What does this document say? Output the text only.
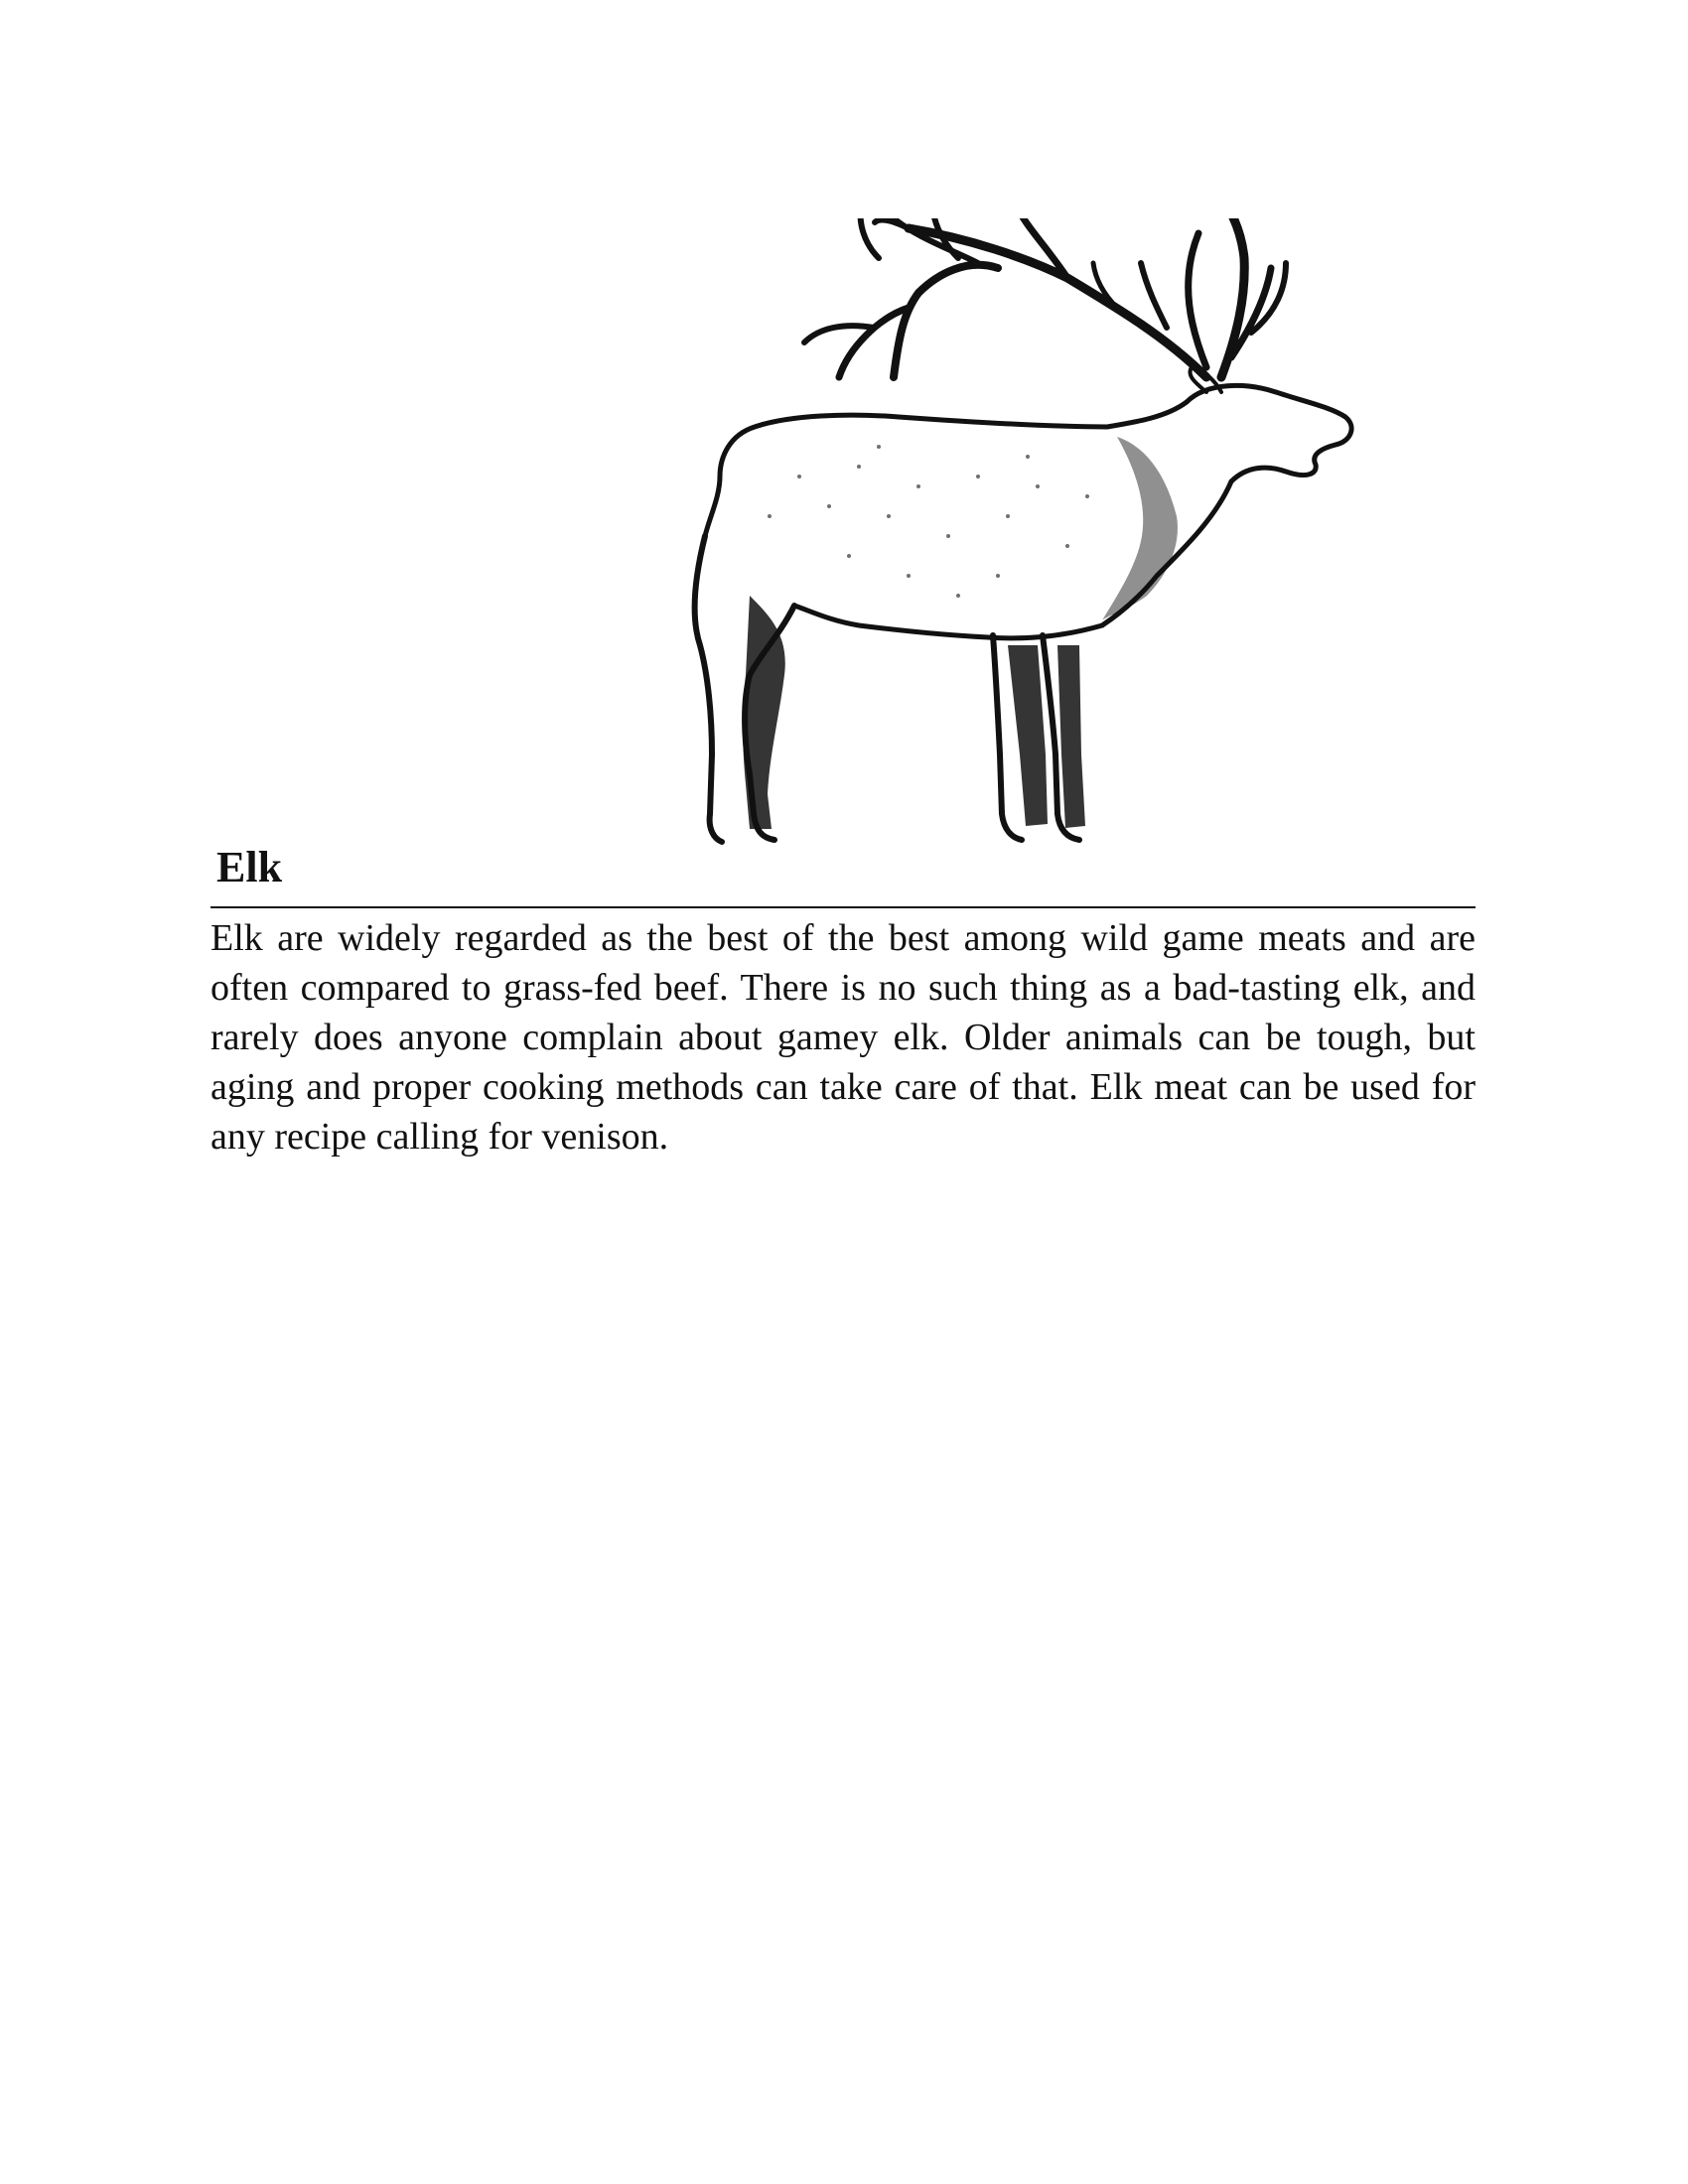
Elk

Elk are widely regarded as the best of the best among wild game meats and are often compared to grass-fed beef. There is no such thing as a bad-tasting elk, and rarely does anyone complain about gamey elk. Older animals can be tough, but aging and proper cooking methods can take care of that. Elk meat can be used for any recipe calling for venison.
